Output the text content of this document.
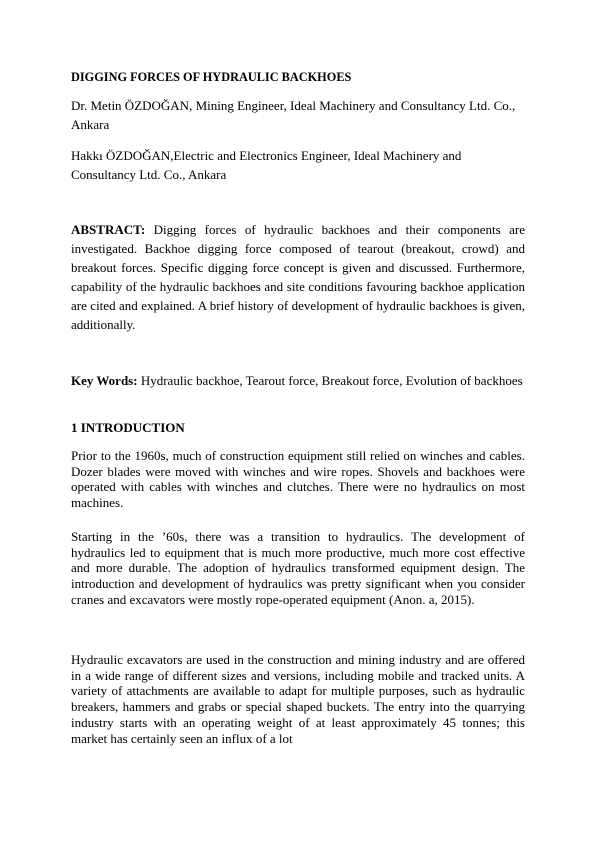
DIGGING FORCES OF HYDRAULIC BACKHOES

Dr. Metin ÖZDOĞAN, Mining Engineer, Ideal Machinery and Consultancy Ltd. Co., Ankara

Hakkı ÖZDOĞAN,Electric and Electronics Engineer, Ideal Machinery and Consultancy Ltd. Co., Ankara

ABSTRACT: Digging forces of hydraulic backhoes and their components are investigated. Backhoe digging force composed of tearout (breakout, crowd) and breakout forces. Specific digging force concept is given and discussed. Furthermore, capability of the hydraulic backhoes and site conditions favouring backhoe application are cited and explained. A brief history of development of hydraulic backhoes is given, additionally.

Key Words: Hydraulic backhoe, Tearout force, Breakout force, Evolution of backhoes

1 INTRODUCTION

Prior to the 1960s, much of construction equipment still relied on winches and cables. Dozer blades were moved with winches and wire ropes. Shovels and backhoes were operated with cables with winches and clutches. There were no hydraulics on most machines.

Starting in the ’60s, there was a transition to hydraulics. The development of hydraulics led to equipment that is much more productive, much more cost effective and more durable. The adoption of hydraulics transformed equipment design. The introduction and development of hydraulics was pretty significant when you consider cranes and excavators were mostly rope-operated equipment (Anon. a, 2015).

Hydraulic excavators are used in the construction and mining industry and are offered in a wide range of different sizes and versions, including mobile and tracked units. A variety of attachments are available to adapt for multiple purposes, such as hydraulic breakers, hammers and grabs or special shaped buckets. The entry into the quarrying industry starts with an operating weight of at least approximately 45 tonnes; this market has certainly seen an influx of a lot
